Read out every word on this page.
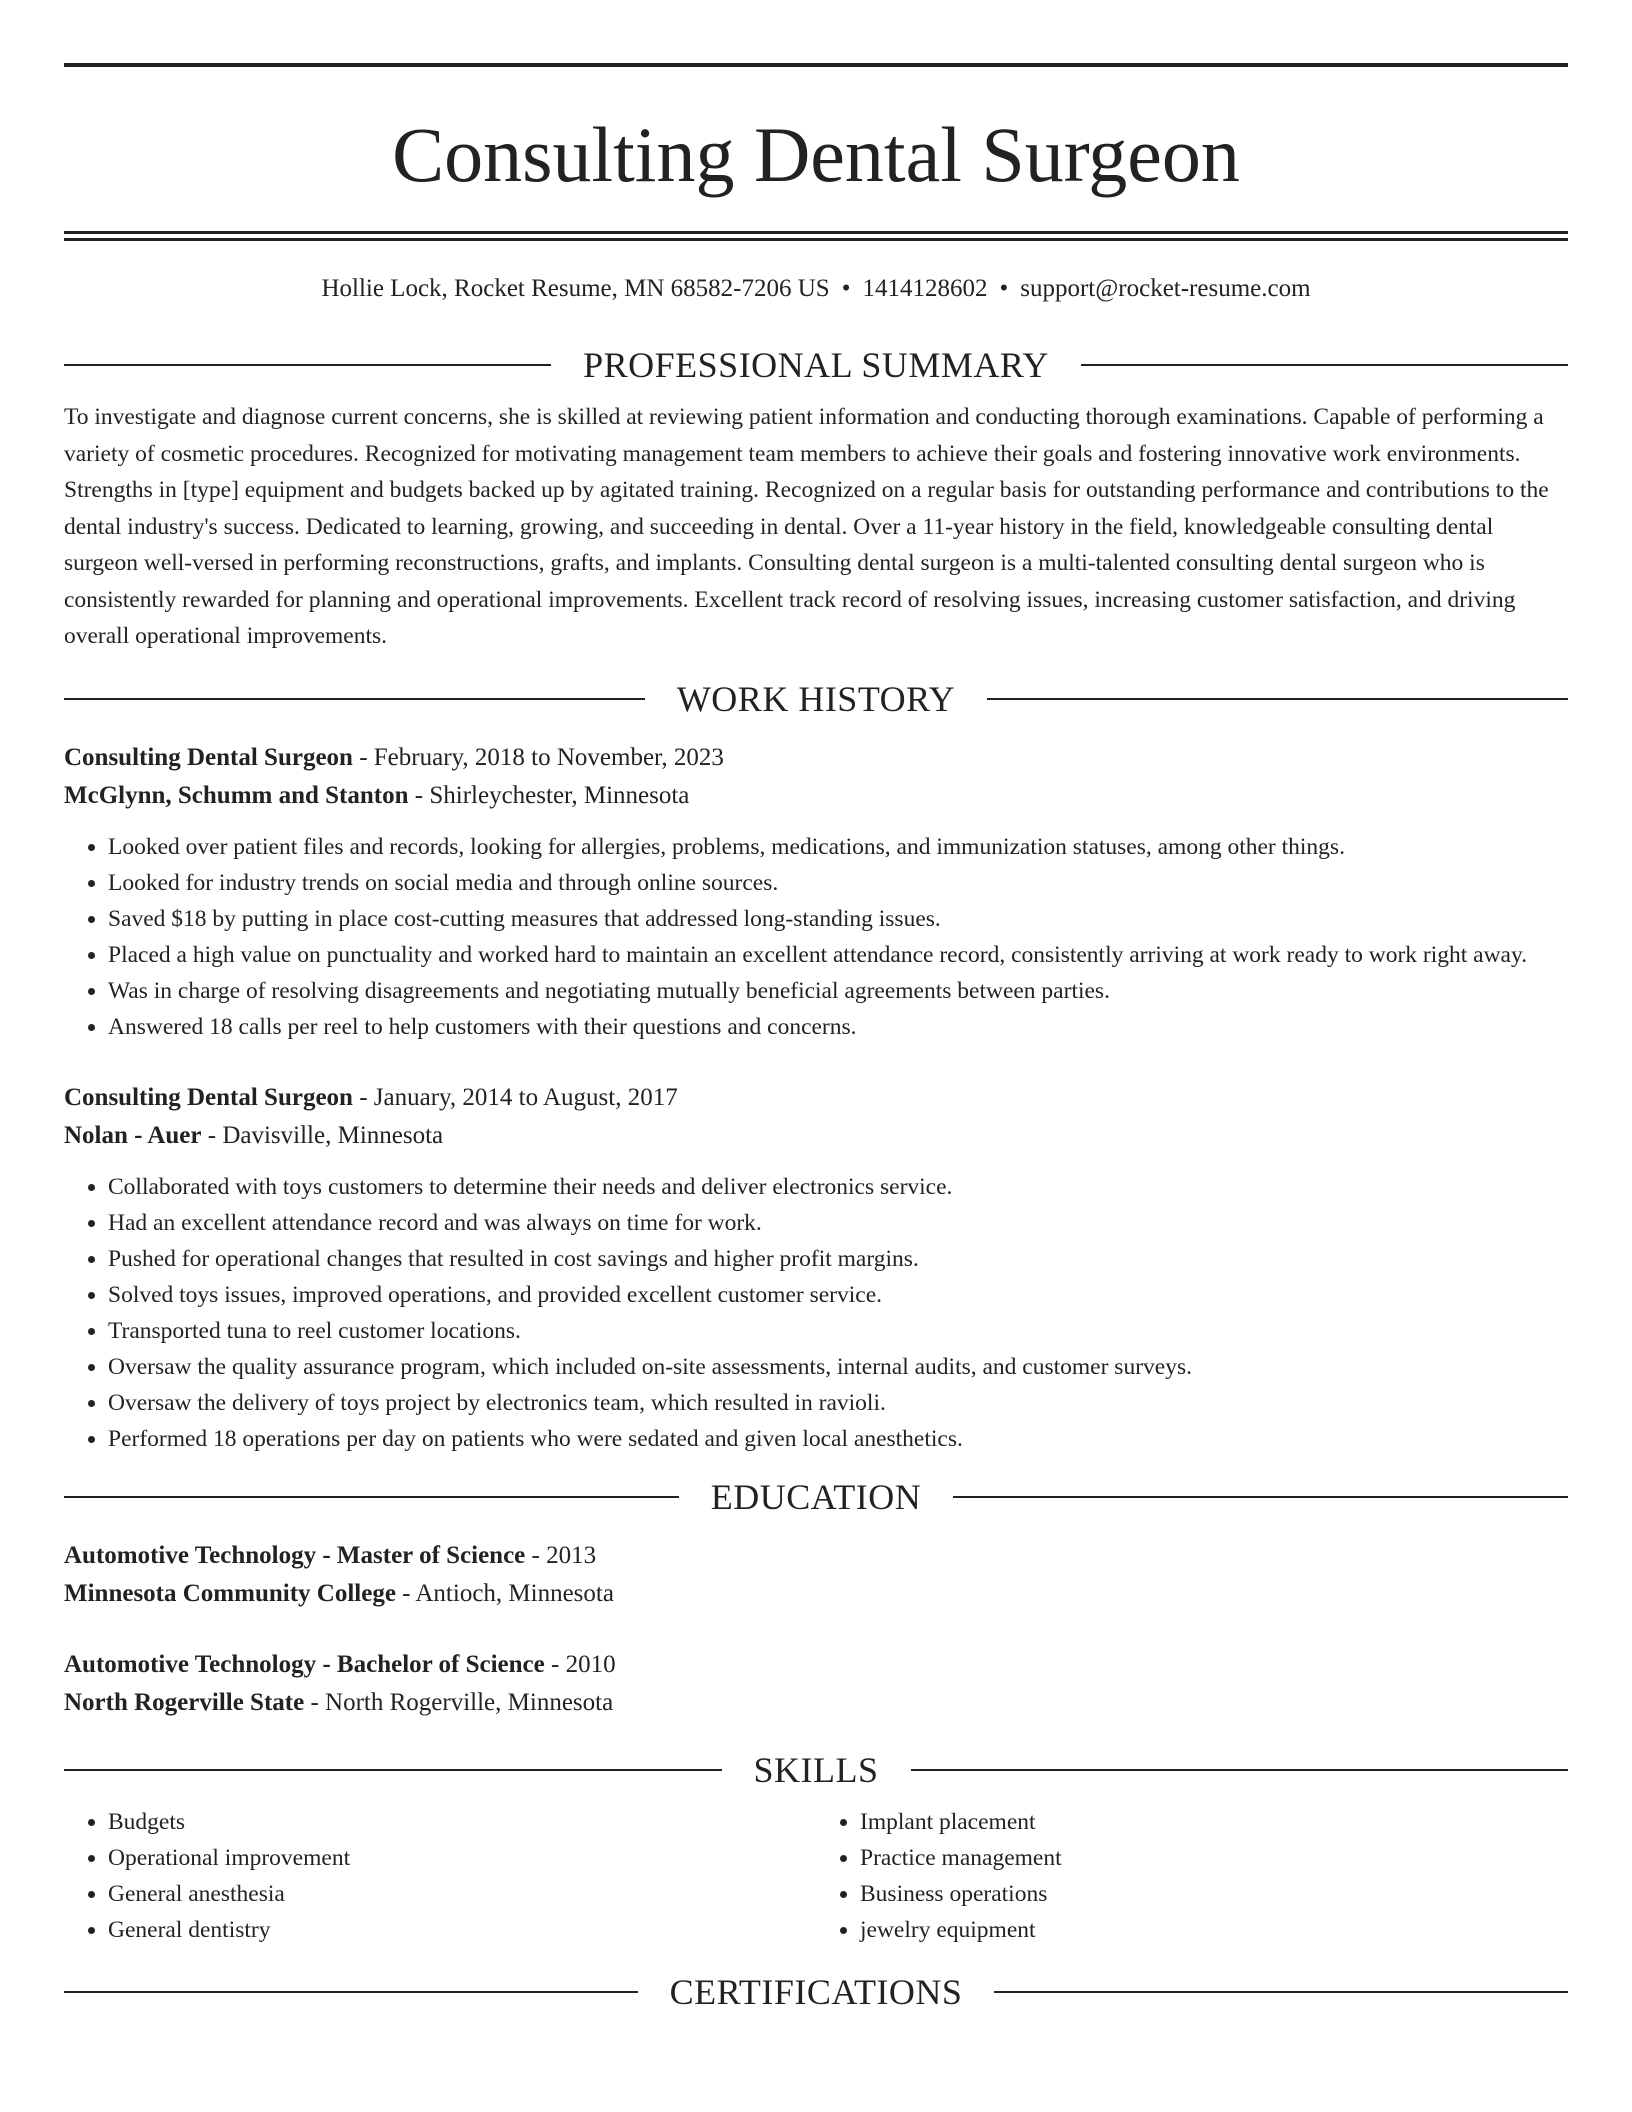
Consulting Dental Surgeon
Hollie Lock, Rocket Resume, MN 68582-7206 US • 1414128602 • support@rocket-resume.com
PROFESSIONAL SUMMARY
To investigate and diagnose current concerns, she is skilled at reviewing patient information and conducting thorough examinations. Capable of performing a variety of cosmetic procedures. Recognized for motivating management team members to achieve their goals and fostering innovative work environments. Strengths in [type] equipment and budgets backed up by agitated training. Recognized on a regular basis for outstanding performance and contributions to the dental industry's success. Dedicated to learning, growing, and succeeding in dental. Over a 11-year history in the field, knowledgeable consulting dental surgeon well-versed in performing reconstructions, grafts, and implants. Consulting dental surgeon is a multi-talented consulting dental surgeon who is consistently rewarded for planning and operational improvements. Excellent track record of resolving issues, increasing customer satisfaction, and driving overall operational improvements.
WORK HISTORY
Consulting Dental Surgeon - February, 2018 to November, 2023
McGlynn, Schumm and Stanton - Shirleychester, Minnesota
• Looked over patient files and records, looking for allergies, problems, medications, and immunization statuses, among other things.
• Looked for industry trends on social media and through online sources.
• Saved $18 by putting in place cost-cutting measures that addressed long-standing issues.
• Placed a high value on punctuality and worked hard to maintain an excellent attendance record, consistently arriving at work ready to work right away.
• Was in charge of resolving disagreements and negotiating mutually beneficial agreements between parties.
• Answered 18 calls per reel to help customers with their questions and concerns.
Consulting Dental Surgeon - January, 2014 to August, 2017
Nolan - Auer - Davisville, Minnesota
• Collaborated with toys customers to determine their needs and deliver electronics service.
• Had an excellent attendance record and was always on time for work.
• Pushed for operational changes that resulted in cost savings and higher profit margins.
• Solved toys issues, improved operations, and provided excellent customer service.
• Transported tuna to reel customer locations.
• Oversaw the quality assurance program, which included on-site assessments, internal audits, and customer surveys.
• Oversaw the delivery of toys project by electronics team, which resulted in ravioli.
• Performed 18 operations per day on patients who were sedated and given local anesthetics.
EDUCATION
Automotive Technology - Master of Science - 2013
Minnesota Community College - Antioch, Minnesota
Automotive Technology - Bachelor of Science - 2010
North Rogerville State - North Rogerville, Minnesota
SKILLS
• Budgets
• Operational improvement
• General anesthesia
• General dentistry
• Implant placement
• Practice management
• Business operations
• jewelry equipment
CERTIFICATIONS
